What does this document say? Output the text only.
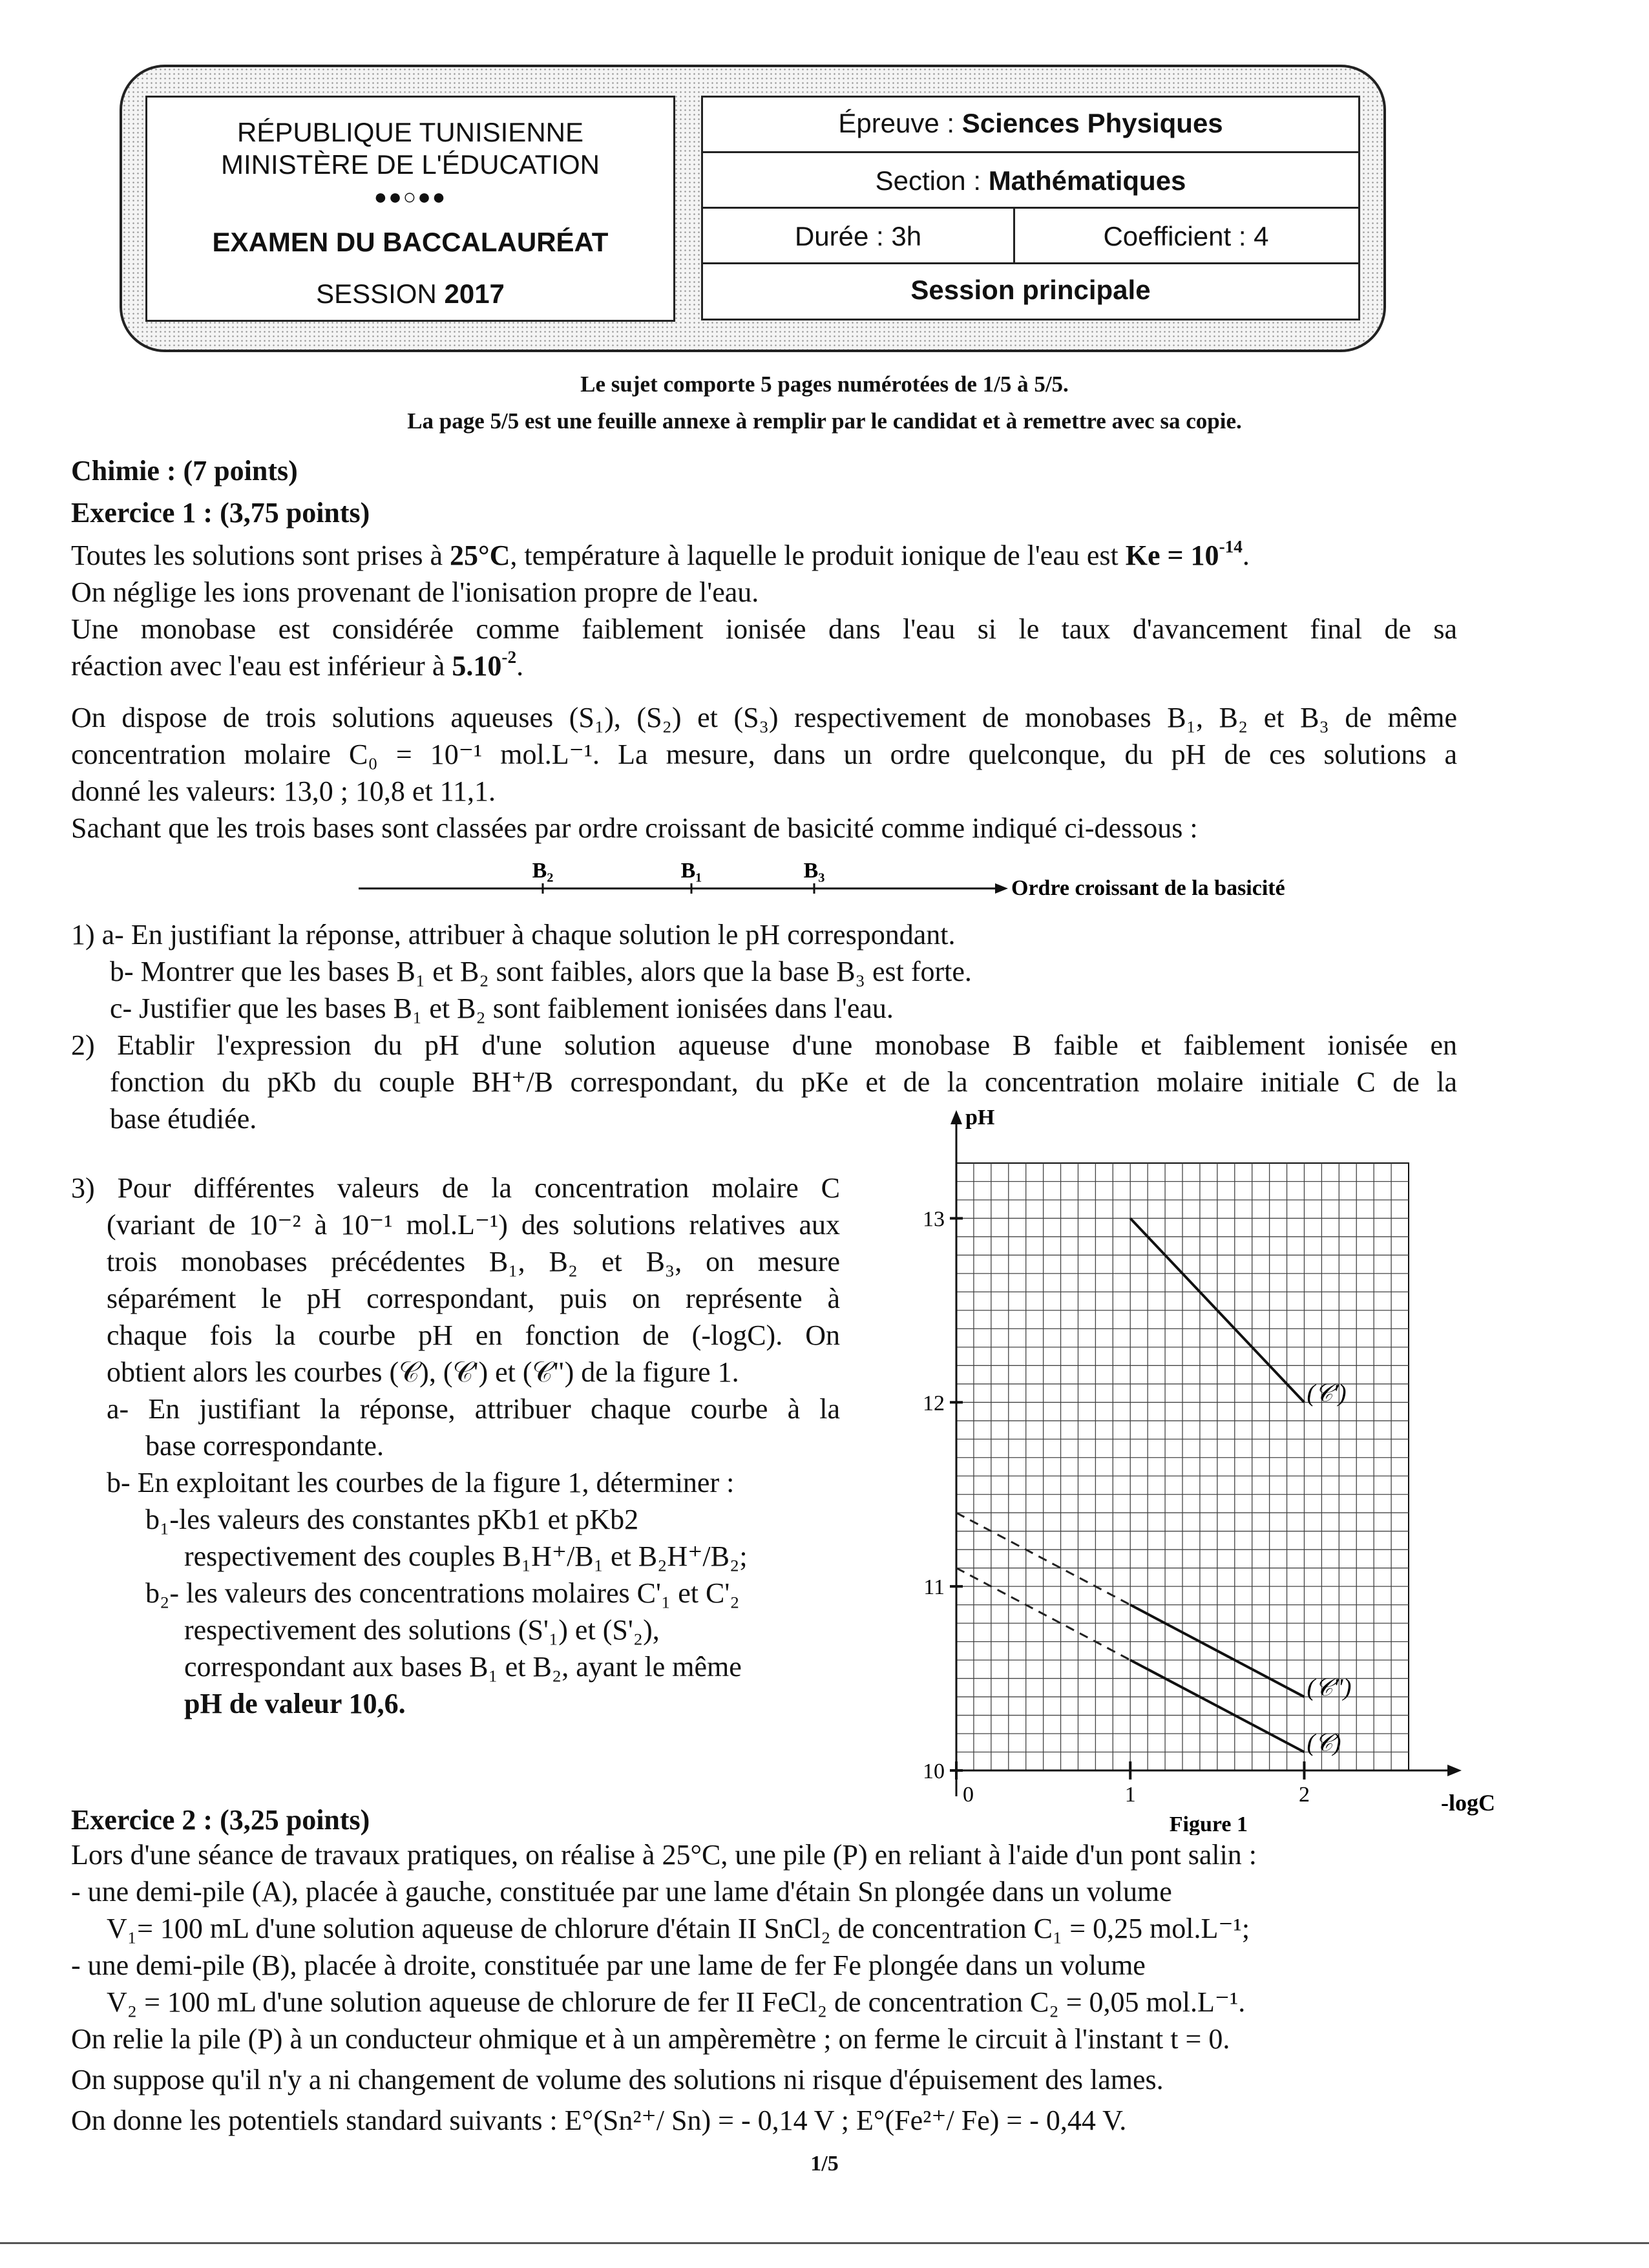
RÉPUBLIQUE TUNISIENNE
MINISTÈRE DE L'ÉDUCATION
●●○●●
EXAMEN DU BACCALAURÉAT
SESSION 2017
Épreuve : Sciences Physiques
Section : Mathématiques
Durée : 3h	Coefficient : 4
Session principale
Le sujet comporte 5 pages numérotées de 1/5 à 5/5.
La page 5/5 est une feuille annexe à remplir par le candidat et à remettre avec sa copie.
Chimie : (7 points)
Exercice 1 : (3,75 points)
Toutes les solutions sont prises à 25°C, température à laquelle le produit ionique de l'eau est $Ke = 10^{-14}$.
On néglige les ions provenant de l'ionisation propre de l'eau.
Une monobase est considérée comme faiblement ionisée dans l'eau si le taux d'avancement final de sa
réaction avec l'eau est inférieur à $5.10^{-2}$.
On dispose de trois solutions aqueuses (S₁), (S₂) et (S₃) respectivement de monobases B₁, B₂ et B₃ de même
concentration molaire C₀ = 10⁻¹ mol.L⁻¹. La mesure, dans un ordre quelconque, du pH de ces solutions a
donné les valeurs: 13,0 ; 10,8 et 11,1.
Sachant que les trois bases sont classées par ordre croissant de basicité comme indiqué ci-dessous :
B₂	B₁	B₃
Ordre croissant de la basicité
1) a- En justifiant la réponse, attribuer à chaque solution le pH correspondant.
b- Montrer que les bases B₁ et B₂ sont faibles, alors que la base B₃ est forte.
c- Justifier que les bases B₁ et B₂ sont faiblement ionisées dans l'eau.
2) Etablir l'expression du pH d'une solution aqueuse d'une monobase B faible et faiblement ionisée en
fonction du pKb du couple BH⁺/B correspondant, du pKe et de la concentration molaire initiale C de la
base étudiée.
3) Pour différentes valeurs de la concentration molaire C
(variant de 10⁻² à 10⁻¹ mol.L⁻¹) des solutions relatives aux
trois monobases précédentes B₁, B₂ et B₃, on mesure
séparément le pH correspondant, puis on représente à
chaque fois la courbe pH en fonction de (-logC). On
obtient alors les courbes (𝒞), (𝒞') et (𝒞") de la figure 1.
a- En justifiant la réponse, attribuer chaque courbe à la
base correspondante.
b- En exploitant les courbes de la figure 1, déterminer :
b₁-les valeurs des constantes pKb1 et pKb2
respectivement des couples B₁H⁺/B₁ et B₂H⁺/B₂;
b₂- les valeurs des concentrations molaires C'₁ et C'₂
respectivement des solutions (S'₁) et (S'₂),
correspondant aux bases B₁ et B₂, ayant le même
pH de valeur 10,6.
10
11
12
13
0	1	2
(𝒞')
(𝒞")
(𝒞)
pH
-logC
Figure 1
Exercice 2 : (3,25 points)
Lors d'une séance de travaux pratiques, on réalise à 25°C, une pile (P) en reliant à l'aide d'un pont salin :
- une demi-pile (A), placée à gauche, constituée par une lame d'étain Sn plongée dans un volume
V₁= 100 mL d'une solution aqueuse de chlorure d'étain II SnCl₂ de concentration C₁ = 0,25 mol.L⁻¹;
- une demi-pile (B), placée à droite, constituée par une lame de fer Fe plongée dans un volume
V₂ = 100 mL d'une solution aqueuse de chlorure de fer II FeCl₂ de concentration C₂ = 0,05 mol.L⁻¹.
On relie la pile (P) à un conducteur ohmique et à un ampèremètre ; on ferme le circuit à l'instant t = 0.
On suppose qu'il n'y a ni changement de volume des solutions ni risque d'épuisement des lames.
On donne les potentiels standard suivants : E°(Sn²⁺/ Sn) = - 0,14 V ; E°(Fe²⁺/ Fe) = - 0,44 V.
1/5
